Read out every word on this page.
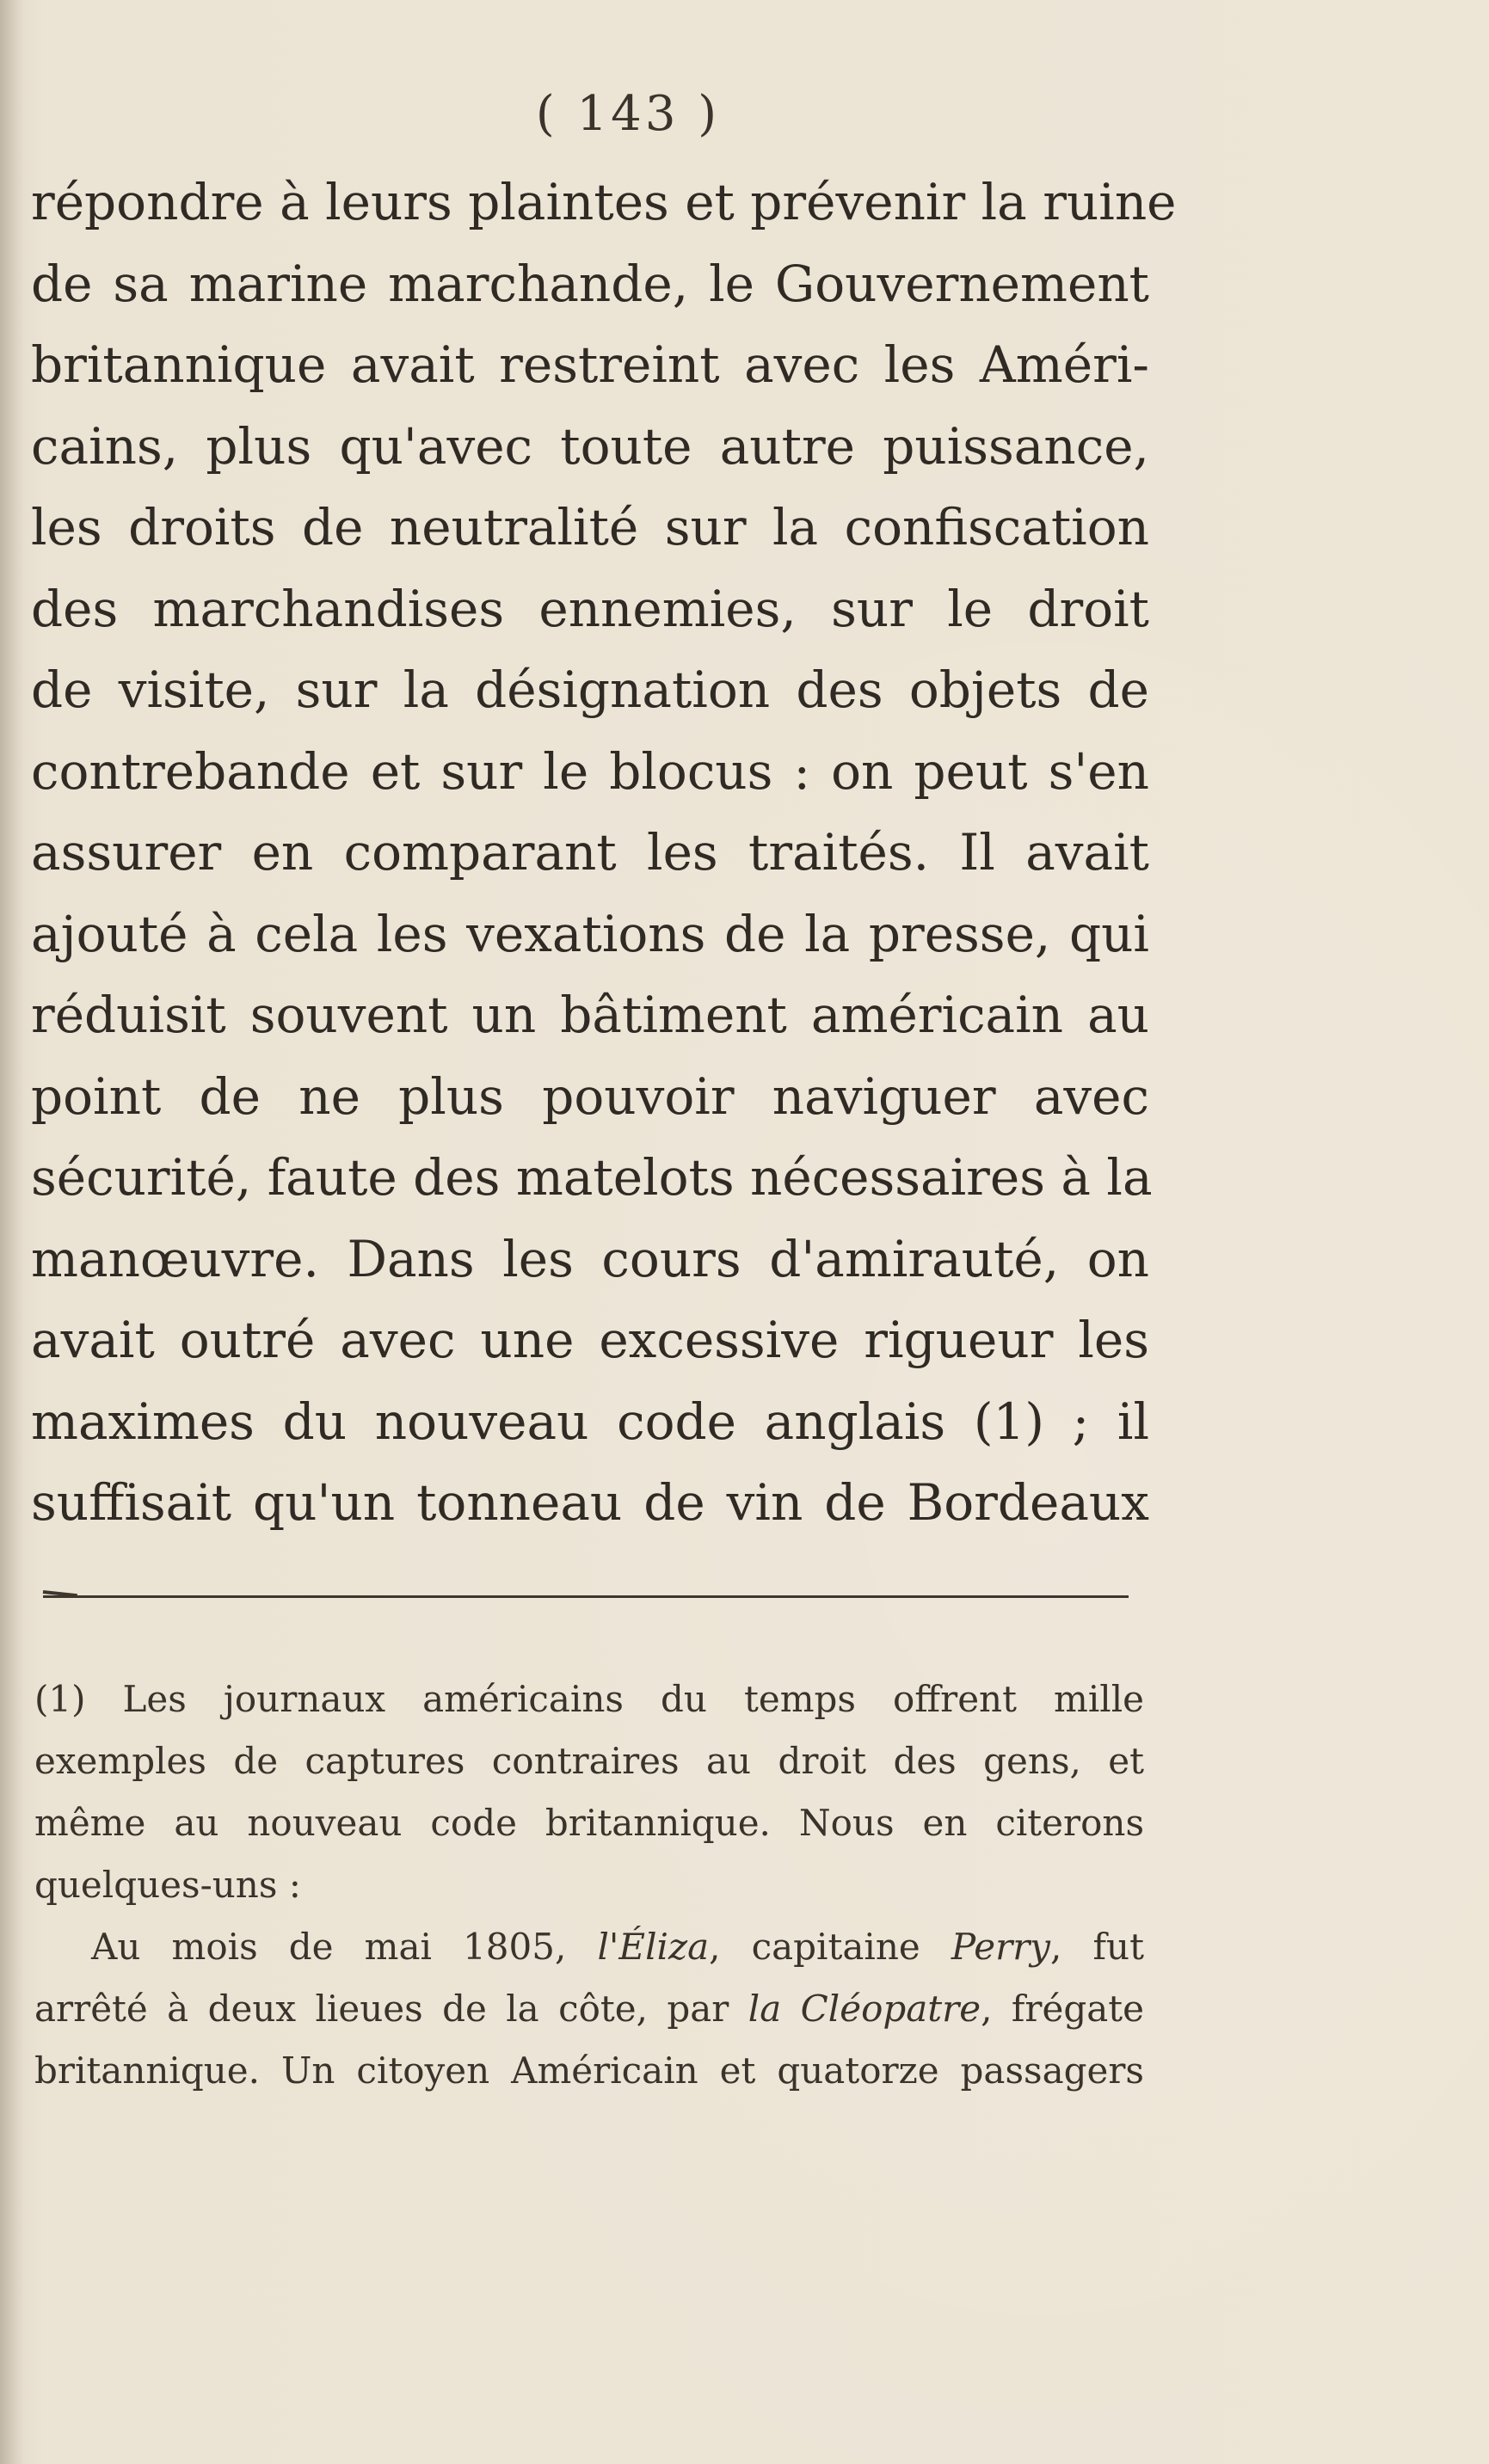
( 143 )
répondre à leurs plaintes et prévenir la ruine
de sa marine marchande, le Gouvernement
britannique avait restreint avec les Améri-
cains, plus qu'avec toute autre puissance,
les droits de neutralité sur la confiscation
des marchandises ennemies, sur le droit
de visite, sur la désignation des objets de
contrebande et sur le blocus : on peut s'en
assurer en comparant les traités. Il avait
ajouté à cela les vexations de la presse, qui
réduisit souvent un bâtiment américain au
point de ne plus pouvoir naviguer avec
sécurité, faute des matelots nécessaires à la
manœuvre. Dans les cours d'amirauté, on
avait outré avec une excessive rigueur les
maximes du nouveau code anglais (1) ; il
suffisait qu'un tonneau de vin de Bordeaux
(1) Les journaux américains du temps offrent mille
exemples de captures contraires au droit des gens, et
même au nouveau code britannique. Nous en citerons
quelques-uns :
Au mois de mai 1805, l'Éliza, capitaine Perry, fut
arrêté à deux lieues de la côte, par la Cléopatre, frégate
britannique. Un citoyen Américain et quatorze passagers
